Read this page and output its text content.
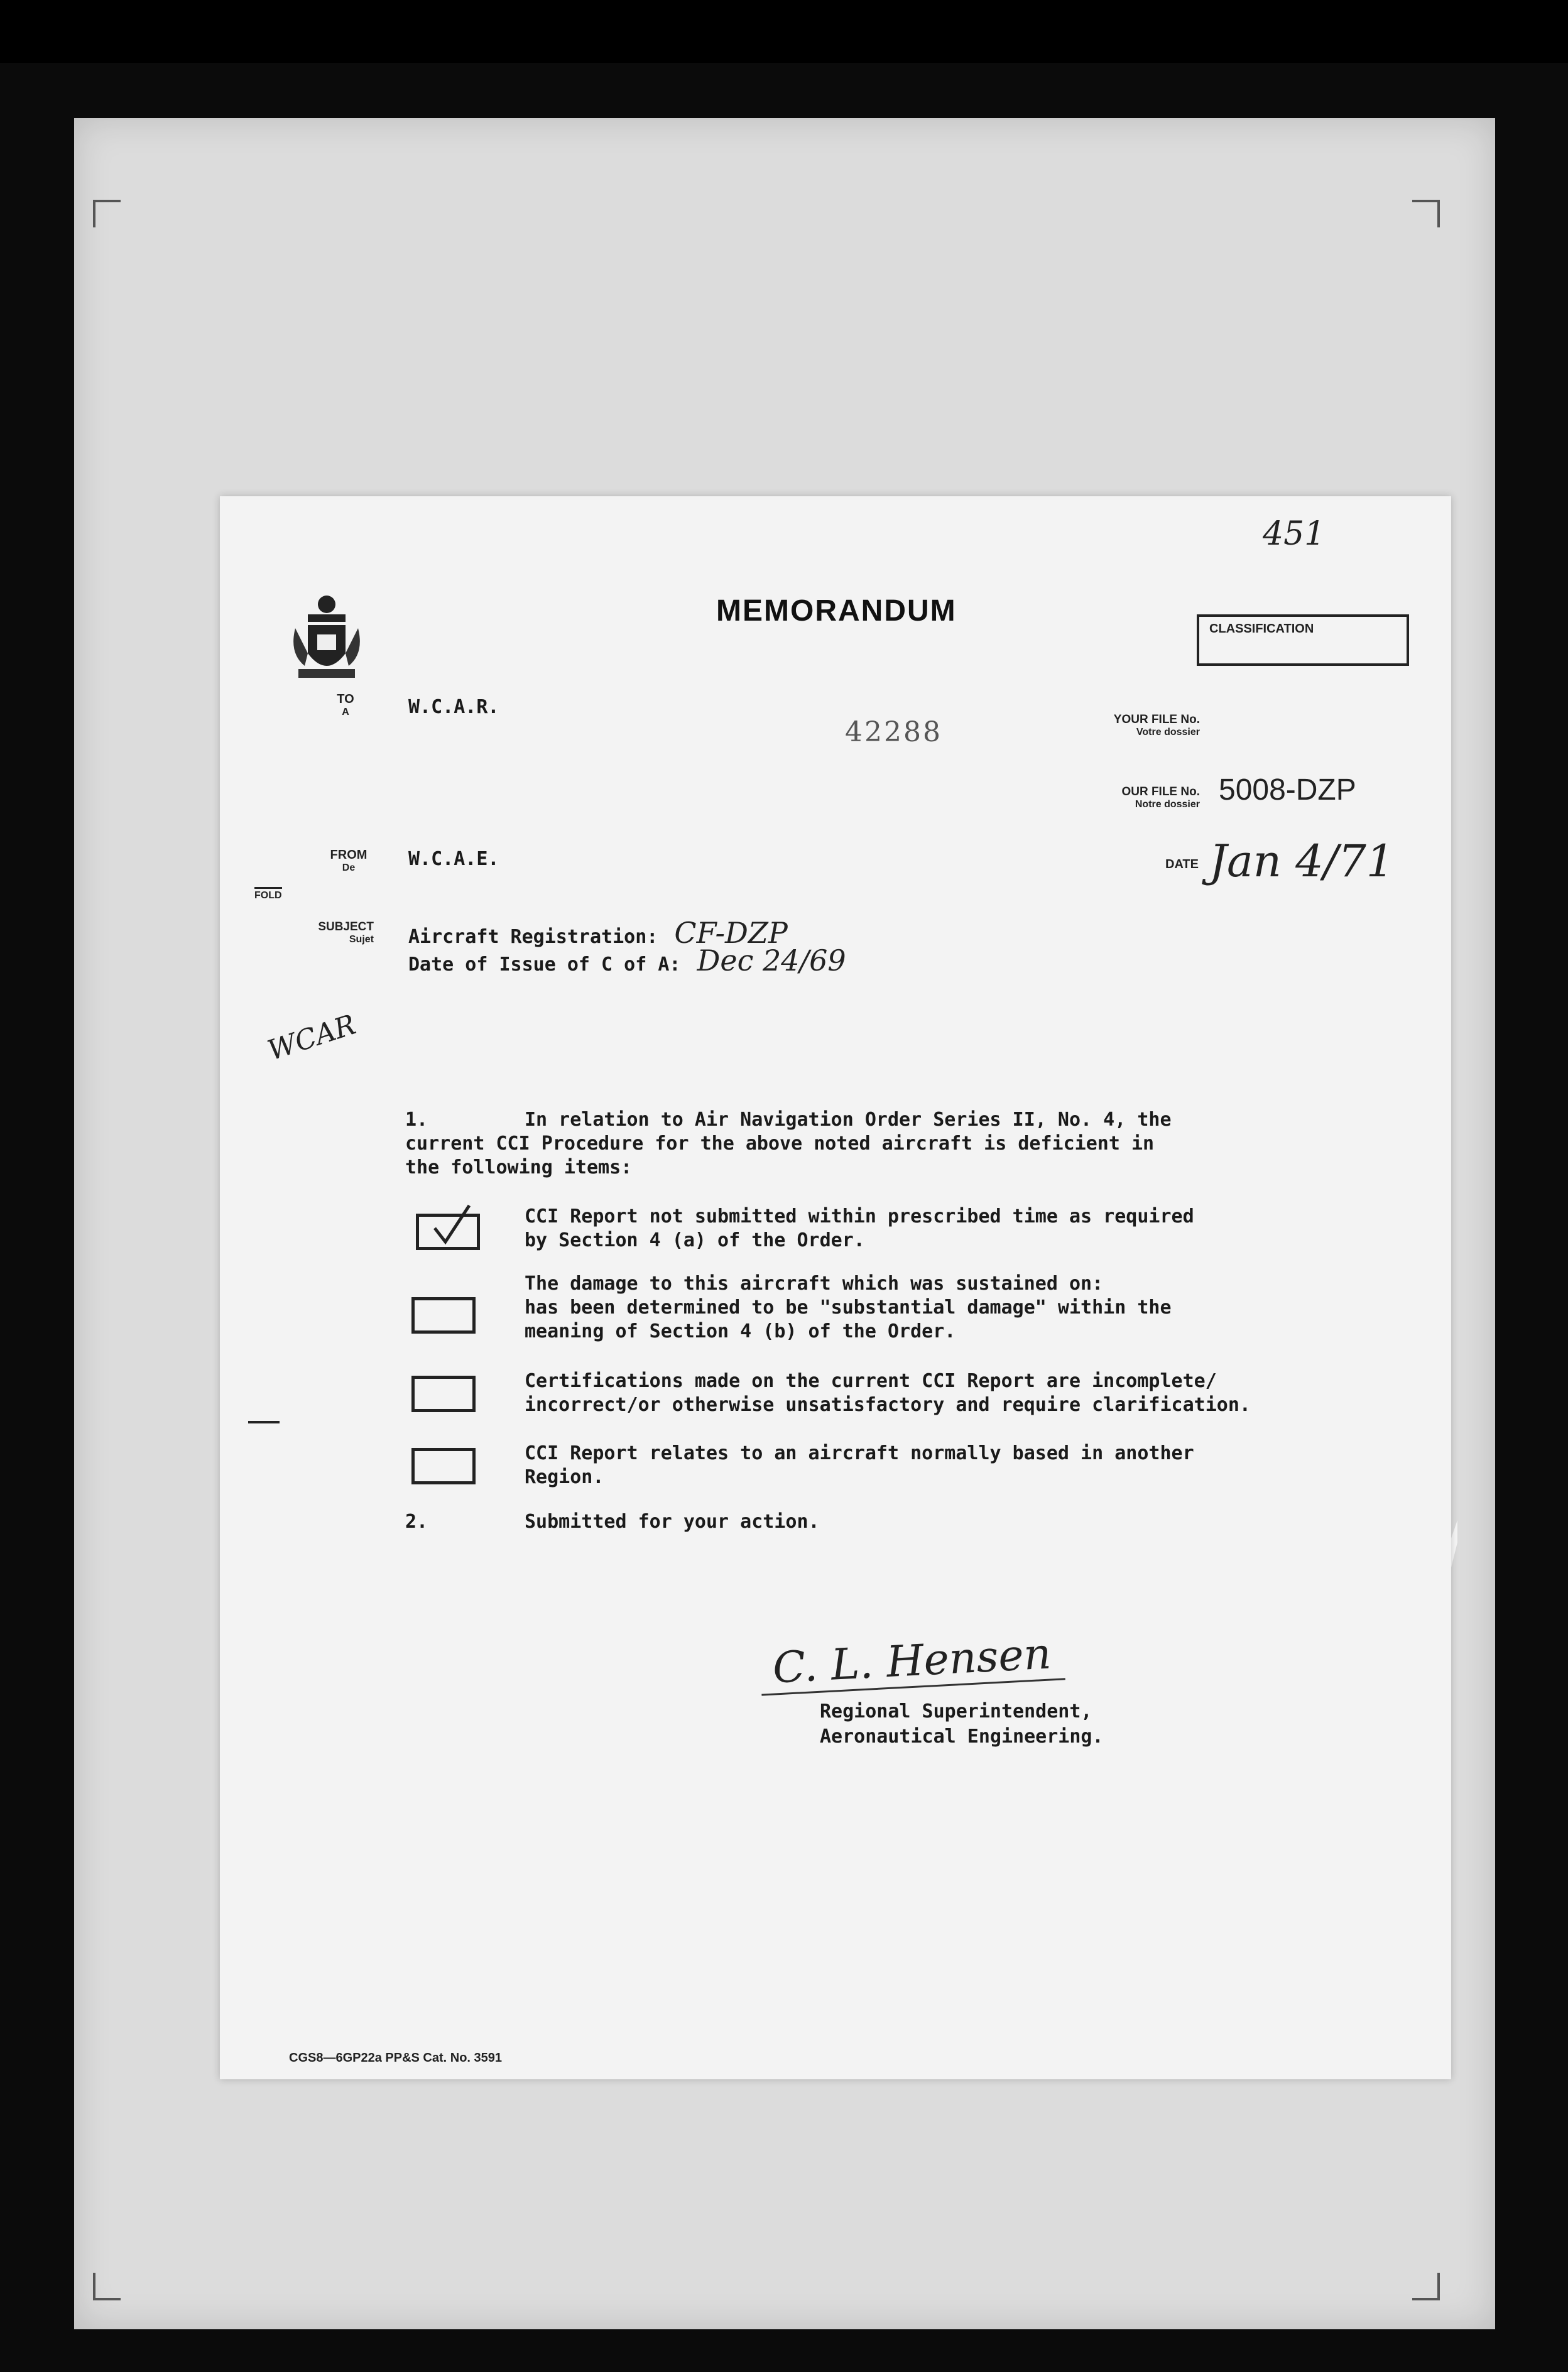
451
MEMORANDUM
CLASSIFICATION
TO
A	W.C.A.R.
42288	YOUR FILE No.
Votre dossier
OUR FILE No.
Notre dossier 5008-DZP
FROM
De	W.C.A.E.	DATE Jan 4/71
FOLD
SUBJECT
Sujet Aircraft Registration: CF-DZP
Date of Issue of C of A: Dec 24/69
WCAR
1.	In relation to Air Navigation Order Series II, No. 4, the
current CCI Procedure for the above noted aircraft is deficient in
the following items:
CCI Report not submitted within prescribed time as required
by Section 4 (a) of the Order.
The damage to this aircraft which was sustained on:
has been determined to be "substantial damage" within the
meaning of Section 4 (b) of the Order.
Certifications made on the current CCI Report are incomplete/
incorrect/or otherwise unsatisfactory and require clarification.
CCI Report relates to an aircraft normally based in another
Region.
2.	Submitted for your action.
C. L. Hensen
Regional Superintendent,
Aeronautical Engineering.
CGS8—6GP22a PP&S Cat. No. 3591
